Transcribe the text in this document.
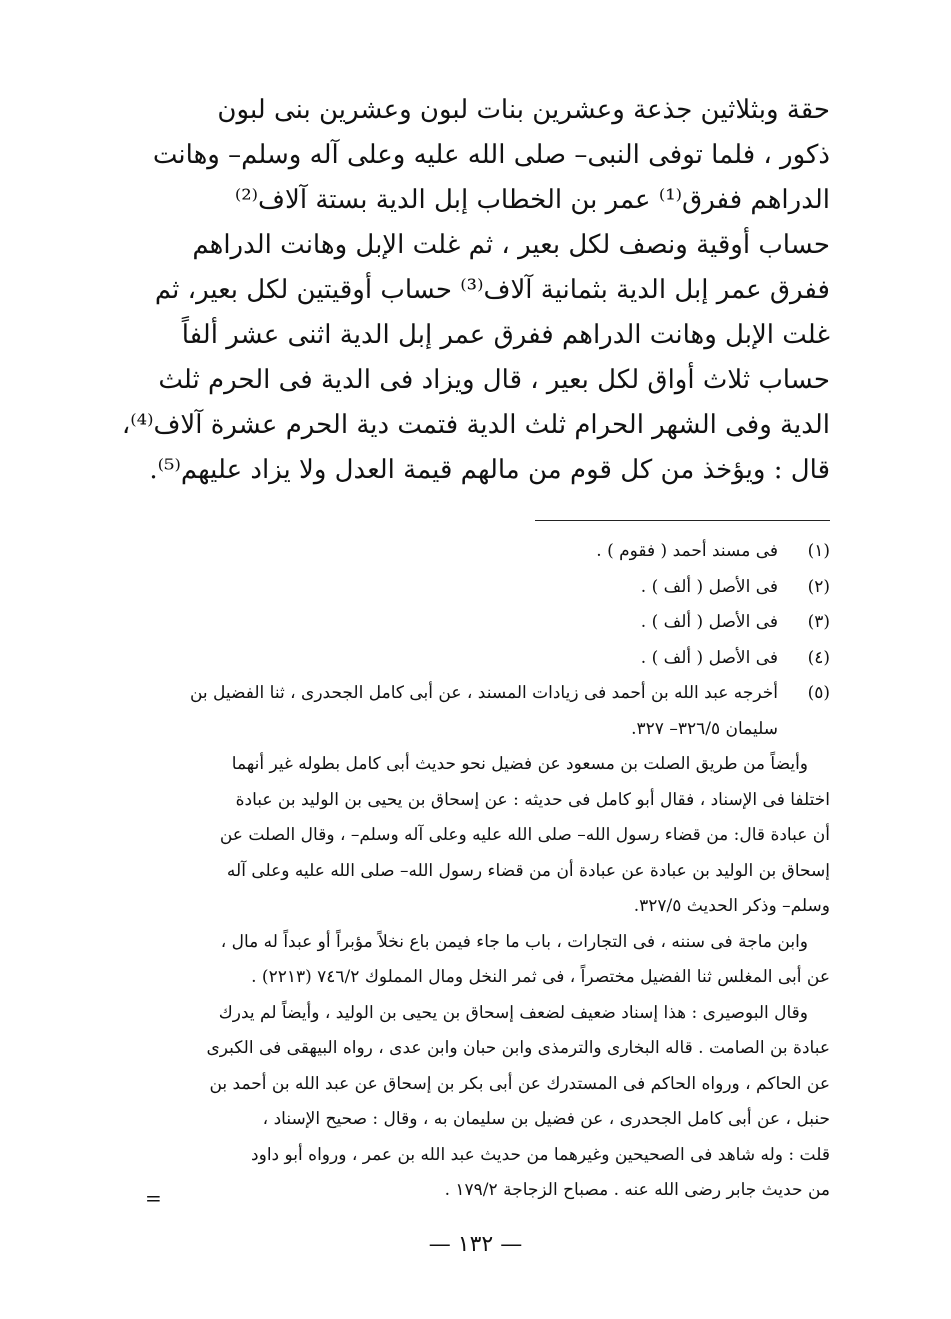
حقة وبثلاثين جذعة وعشرين بنات لبون وعشرين بنى لبون
ذكور ، فلما توفى النبى– صلى الله عليه وعلى آله وسلم– وهانت
الدراهم ففرق⁽¹⁾ عمر بن الخطاب إبل الدية بستة آلاف⁽²⁾
حساب أوقية ونصف لكل بعير ، ثم غلت الإبل وهانت الدراهم
ففرق عمر إبل الدية بثمانية آلاف⁽³⁾ حساب أوقيتين لكل بعير، ثم
غلت الإبل وهانت الدراهم ففرق عمر إبل الدية اثنى عشر ألفاً
حساب ثلاث أواق لكل بعير ، قال ويزاد فى الدية فى الحرم ثلث
الدية وفى الشهر الحرام ثلث الدية فتمت دية الحرم عشرة آلاف⁽⁴⁾،
قال : ويؤخذ من كل قوم من مالهم قيمة العدل ولا يزاد عليهم⁽⁵⁾.
(١)
فى مسند أحمد ( فقوم ) .
(٢)
فى الأصل ( ألف ) .
(٣)
فى الأصل ( ألف ) .
(٤)
فى الأصل ( ألف ) .
(٥)
أخرجه عبد الله بن أحمد فى زيادات المسند ، عن أبى كامل الجحدرى ، ثنا الفضيل بن
سليمان ٣٢٦/٥– ٣٢٧.
وأيضاً من طريق الصلت بن مسعود عن فضيل نحو حديث أبى كامل بطوله غير أنهما
اختلفا فى الإسناد ، فقال أبو كامل فى حديثه : عن إسحاق بن يحيى بن الوليد بن عبادة
أن عبادة قال: من قضاء رسول الله– صلى الله عليه وعلى آله وسلم– ، وقال الصلت عن
إسحاق بن الوليد بن عبادة عن عبادة أن من قضاء رسول الله– صلى الله عليه وعلى آله
وسلم– وذكر الحديث ٣٢٧/٥.
وابن ماجة فى سننه ، فى التجارات ، باب ما جاء فيمن باع نخلاً مؤبراً أو عبداً له مال ،
عن أبى المغلس ثنا الفضيل مختصراً ، فى ثمر النخل ومال المملوك ٧٤٦/٢ (٢٢١٣) .
وقال البوصيرى : هذا إسناد ضعيف لضعف إسحاق بن يحيى بن الوليد ، وأيضاً لم يدرك
عبادة بن الصامت . قاله البخارى والترمذى وابن حبان وابن عدى ، رواه البيهقى فى الكبرى
عن الحاكم ، ورواه الحاكم فى المستدرك عن أبى بكر بن إسحاق عن عبد الله بن أحمد بن
حنبل ، عن أبى كامل الجحدرى ، عن فضيل بن سليمان به ، وقال : صحيح الإسناد ،
قلت : وله شاهد فى الصحيحين وغيرهما من حديث عبد الله بن عمر ، ورواه أبو داود
من حديث جابر رضى الله عنه . مصباح الزجاجة ١٧٩/٢ .
=
— ١٣٢ —
